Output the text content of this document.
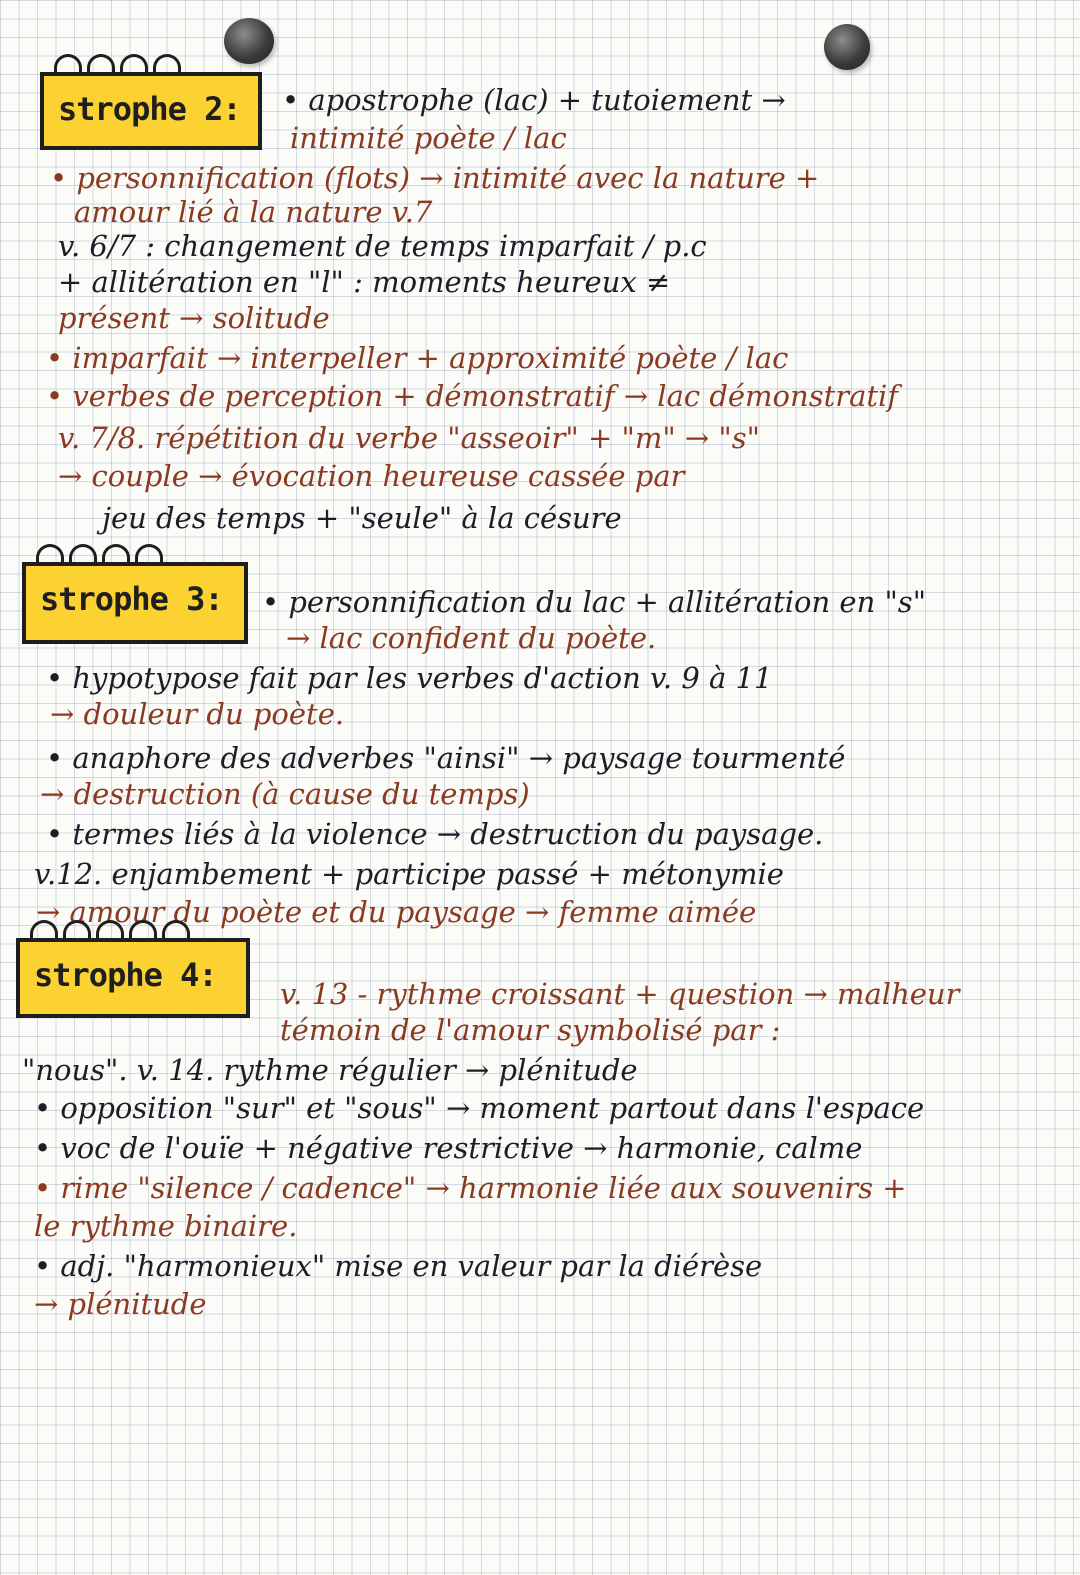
strophe 2: • apostrophe (lac) + tutoiement →
intimité poète / lac
• personnification (flots) → intimité avec la nature +
amour lié à la nature v.7
v. 6/7 : changement de temps imparfait / p.c
+ allitération en "l" : moments heureux ≠
présent → solitude
• imparfait → interpeller + approximité poète / lac
• verbes de perception + démonstratif → lac démonstratif
v. 7/8. répétition du verbe "asseoir" + "m" → "s"
→ couple → évocation heureuse cassée par
jeu des temps + "seule" à la césure
strophe 3: • personnification du lac + allitération en "s"
→ lac confident du poète.
• hypotypose fait par les verbes d'action v. 9 à 11
→ douleur du poète.
• anaphore des adverbes "ainsi" → paysage tourmenté
→ destruction (à cause du temps)
• termes liés à la violence → destruction du paysage.
v.12. enjambement + participe passé + métonymie
→ amour du poète et du paysage → femme aimée
strophe 4: v. 13 - rythme croissant + question → malheur
témoin de l'amour symbolisé par :
"nous". v. 14. rythme régulier → plénitude
• opposition "sur" et "sous" → moment partout dans l'espace
• voc de l'ouïe + négative restrictive → harmonie, calme
• rime "silence / cadence" → harmonie liée aux souvenirs +
le rythme binaire.
• adj. "harmonieux" mise en valeur par la diérèse
→ plénitude
